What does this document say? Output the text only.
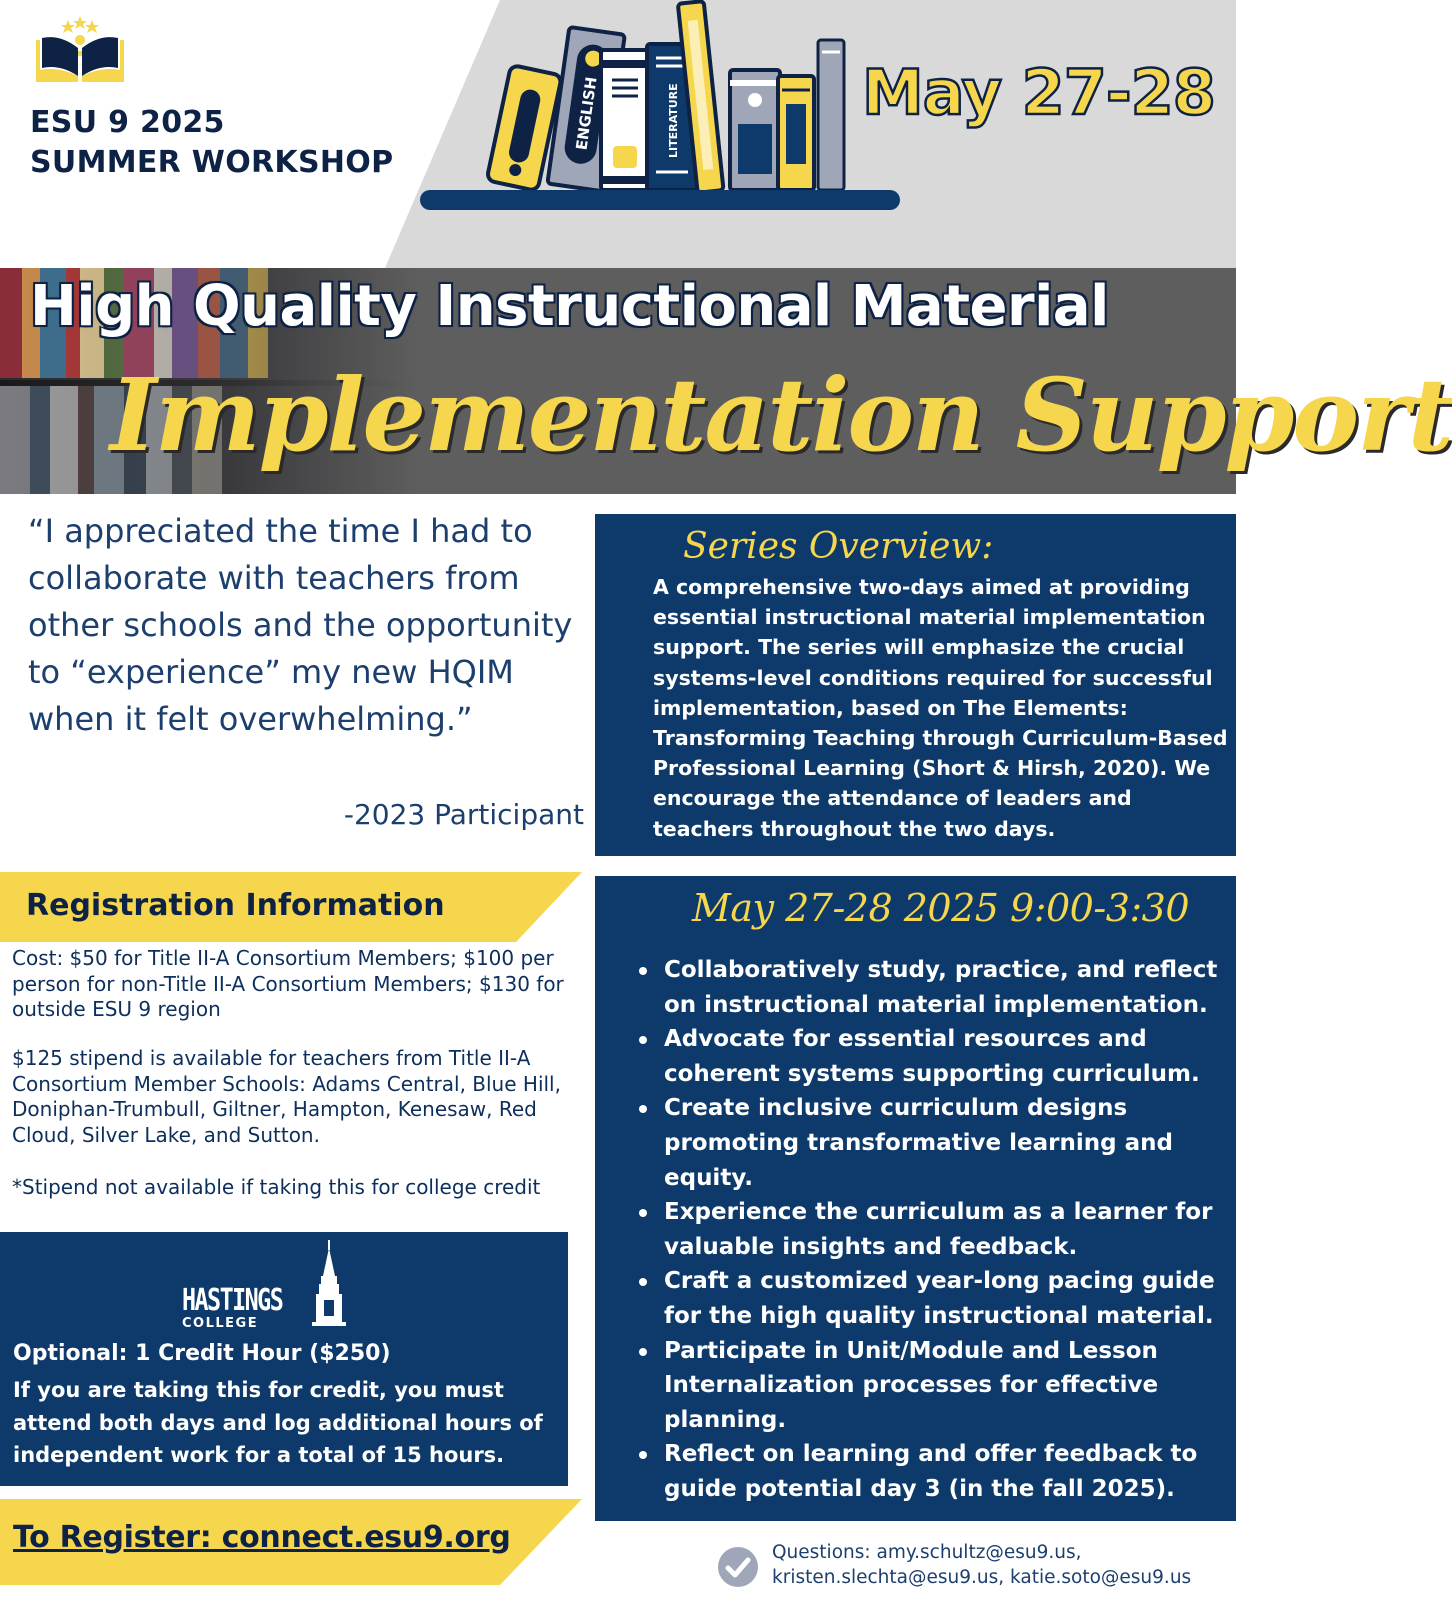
ESU 9 2025
SUMMER WORKSHOP
ENGLISH	LITERATURE	May 27-28
High Quality Instructional Material
Implementation Support
“I appreciated the time I had to collaborate with teachers from other schools and the opportunity to “experience” my new HQIM when it felt overwhelming.”
-2023 Participant
Series Overview:
A comprehensive two-days aimed at providing essential instructional material implementation support. The series will emphasize the crucial systems-level conditions required for successful implementation, based on The Elements: Transforming Teaching through Curriculum-Based Professional Learning (Short & Hirsh, 2020). We encourage the attendance of leaders and teachers throughout the two days.
Registration Information
Cost: $50 for Title II-A Consortium Members; $100 per person for non-Title II-A Consortium Members; $130 for outside ESU 9 region
$125 stipend is available for teachers from Title II-A Consortium Member Schools: Adams Central, Blue Hill, Doniphan-Trumbull, Giltner, Hampton, Kenesaw, Red Cloud, Silver Lake, and Sutton.
*Stipend not available if taking this for college credit
HASTINGS
COLLEGE
Optional: 1 Credit Hour ($250)
If you are taking this for credit, you must attend both days and log additional hours of independent work for a total of 15 hours.
To Register: connect.esu9.org
May 27-28 2025 9:00-3:30
Collaboratively study, practice, and reflect on instructional material implementation.
Advocate for essential resources and coherent systems supporting curriculum.
Create inclusive curriculum designs promoting transformative learning and equity.
Experience the curriculum as a learner for valuable insights and feedback.
Craft a customized year-long pacing guide for the high quality instructional material.
Participate in Unit/Module and Lesson Internalization processes for effective planning.
Reflect on learning and offer feedback to guide potential day 3 (in the fall 2025).
Questions: amy.schultz@esu9.us,
kristen.slechta@esu9.us, katie.soto@esu9.us
